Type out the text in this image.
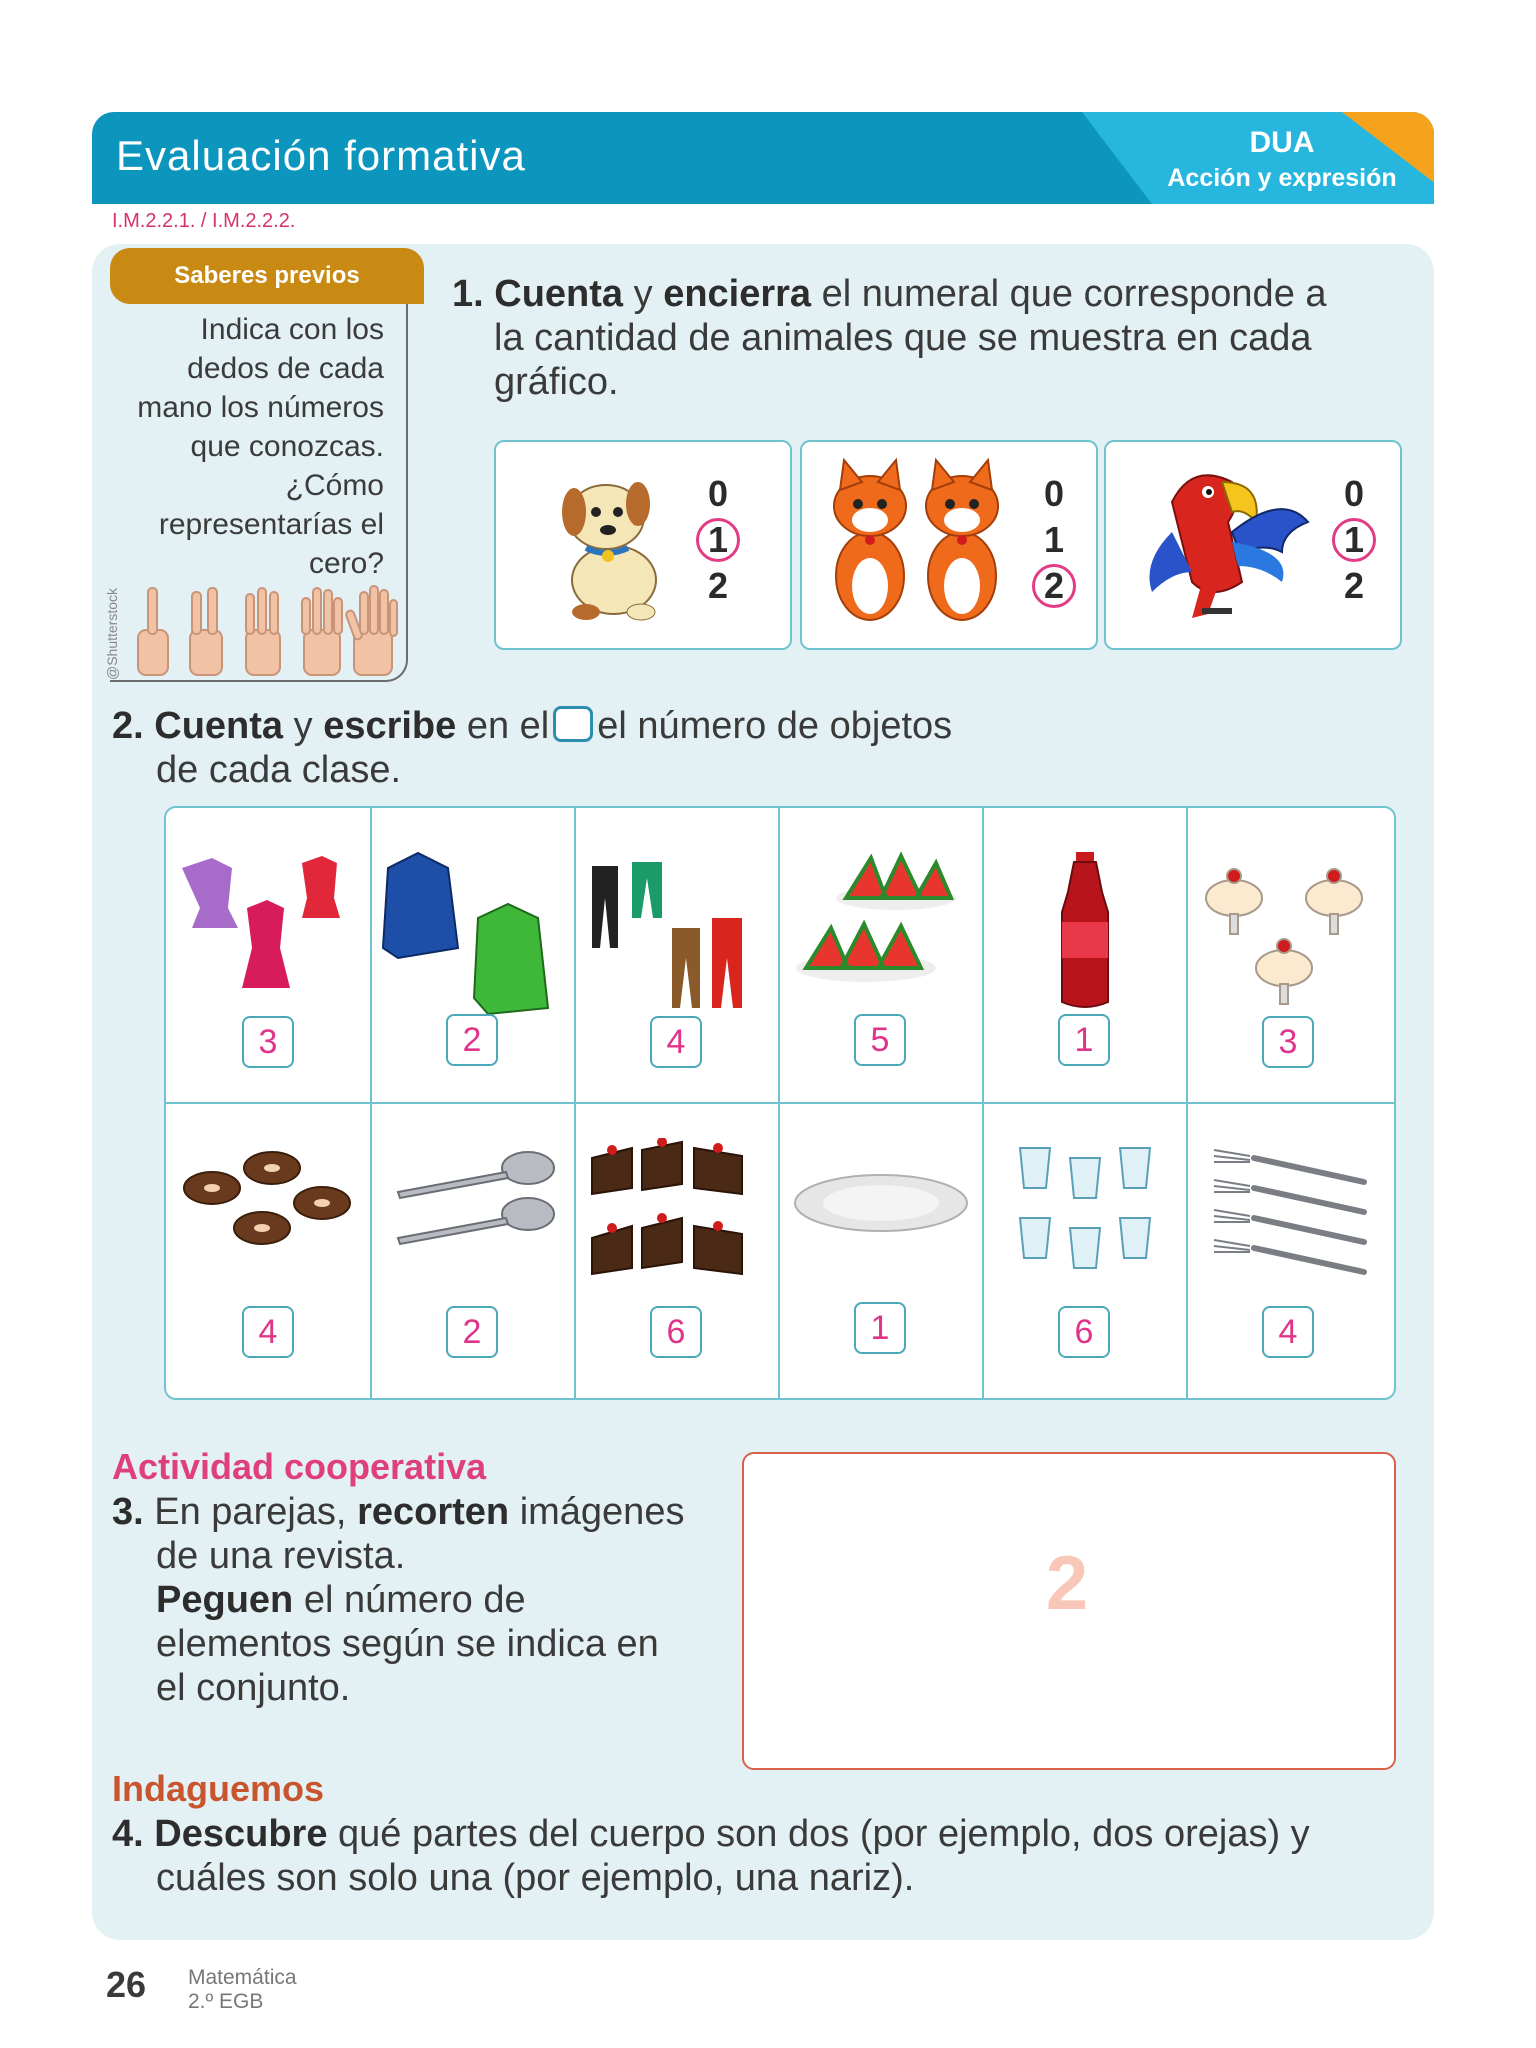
Evaluación formativa	DUA
Acción y expresión
I.M.2.2.1. / I.M.2.2.2.
Saberes previos
Indica con los
dedos de cada
mano los números
que conozcas.
¿Cómo
representarías el
cero?
@Shutterstock
1. Cuenta y encierra el numeral que corresponde a
la cantidad de animales que se muestra en cada
gráfico.
0
1
2
0
1
2
0
1
2
2. Cuenta y escribe en el el número de objetos
de cada clase.
3	2	4	5	1	3
4	2	6	1	6	4
Actividad cooperativa
3. En parejas, recorten imágenes
de una revista.
Peguen el número de
elementos según se indica en
el conjunto.
2
Indaguemos
4. Descubre qué partes del cuerpo son dos (por ejemplo, dos orejas) y
cuáles son solo una (por ejemplo, una nariz).
26 Matemática
2.º EGB
